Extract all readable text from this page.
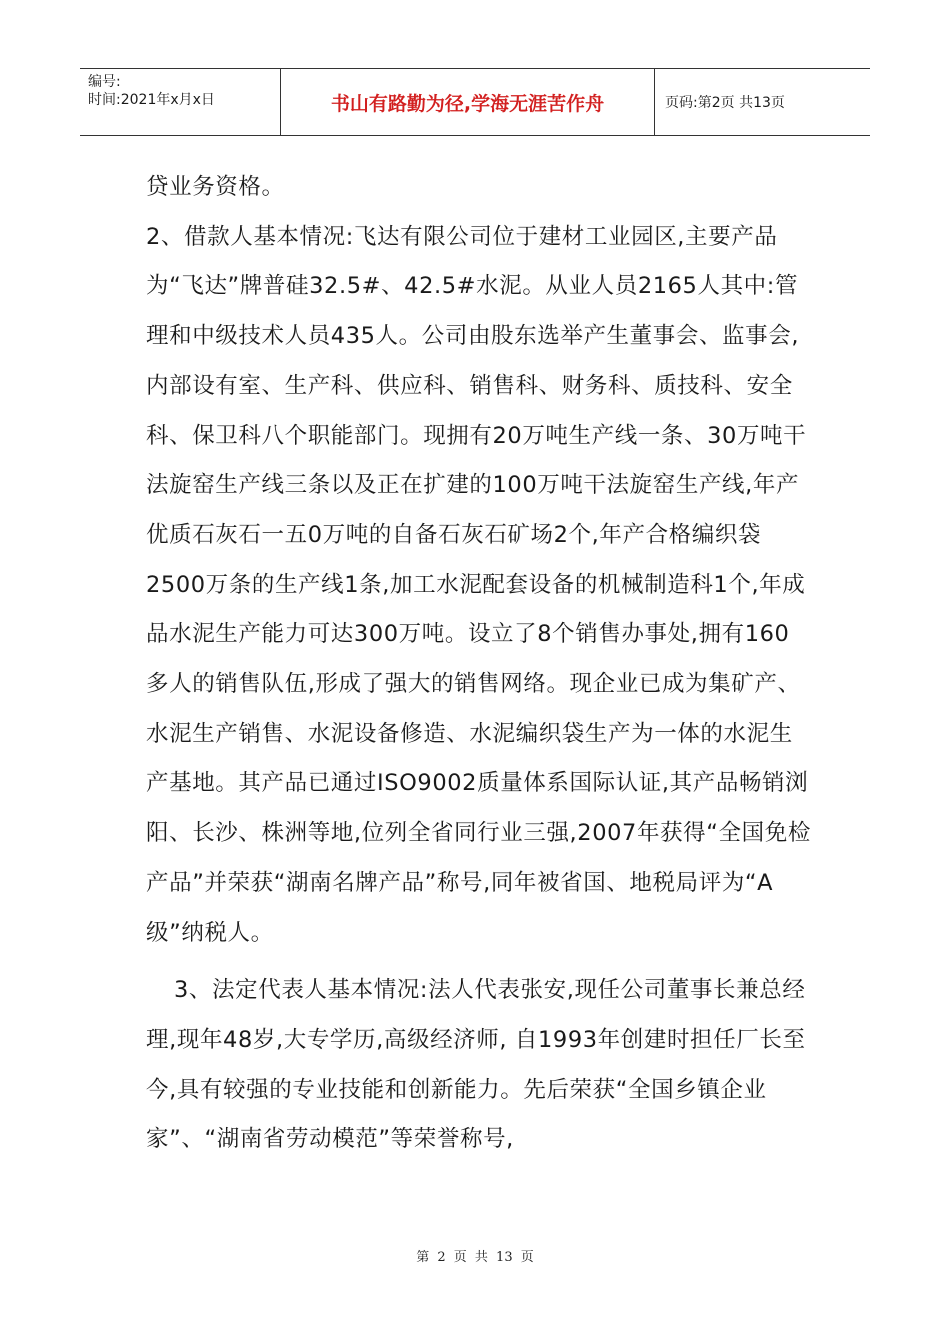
编号:
时间:2021年x月x日	书山有路勤为径,学海无涯苦作舟	页码:第2页 共13页

贷业务资格。

2、借款人基本情况:飞达有限公司位于建材工业园区,主要产品为“飞达”牌普硅32.5#、42.5#水泥。从业人员2165人其中:管理和中级技术人员435人。公司由股东选举产生董事会、监事会,内部设有室、生产科、供应科、销售科、财务科、质技科、安全科、保卫科八个职能部门。现拥有20万吨生产线一条、30万吨干法旋窑生产线三条以及正在扩建的100万吨干法旋窑生产线,年产优质石灰石一五0万吨的自备石灰石矿场2个,年产合格编织袋2500万条的生产线1条,加工水泥配套设备的机械制造科1个,年成品水泥生产能力可达300万吨。设立了8个销售办事处,拥有160多人的销售队伍,形成了强大的销售网络。现企业已成为集矿产、水泥生产销售、水泥设备修造、水泥编织袋生产为一体的水泥生产基地。其产品已通过ISO9002质量体系国际认证,其产品畅销浏阳、长沙、株洲等地,位列全省同行业三强,2007年获得“全国免检产品”并荣获“湖南名牌产品”称号,同年被省国、地税局评为“A级”纳税人。

3、法定代表人基本情况:法人代表张安,现任公司董事长兼总经理,现年48岁,大专学历,高级经济师, 自1993年创建时担任厂长至今,具有较强的专业技能和创新能力。先后荣获“全国乡镇企业家”、“湖南省劳动模范”等荣誉称号,

第 2 页 共 13 页
